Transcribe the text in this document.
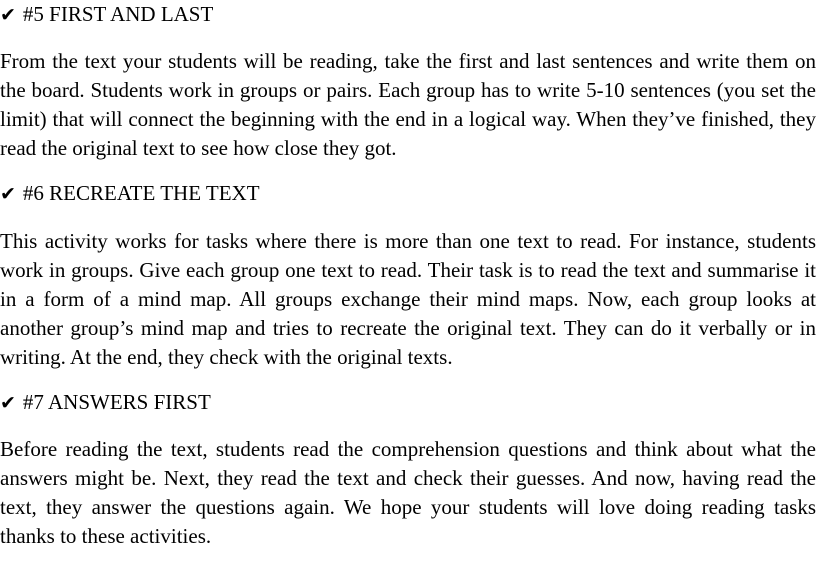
✔ #5 FIRST AND LAST

From the text your students will be reading, take the first and last sentences and write them on the board. Students work in groups or pairs. Each group has to write 5-10 sentences (you set the limit) that will connect the beginning with the end in a logical way. When they’ve finished, they read the original text to see how close they got.

✔ #6 RECREATE THE TEXT

This activity works for tasks where there is more than one text to read. For instance, students work in groups. Give each group one text to read. Their task is to read the text and summarise it in a form of a mind map. All groups exchange their mind maps. Now, each group looks at another group’s mind map and tries to recreate the original text. They can do it verbally or in writing. At the end, they check with the original texts.

✔ #7 ANSWERS FIRST

Before reading the text, students read the comprehension questions and think about what the answers might be. Next, they read the text and check their guesses. And now, having read the text, they answer the questions again. We hope your students will love doing reading tasks thanks to these activities.
